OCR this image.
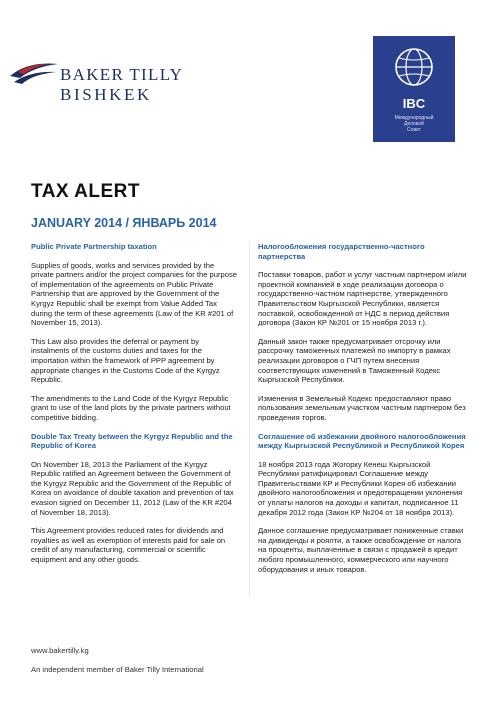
BAKER TILLY
BISHKEK	IBC
Международный
Деловой
Совет
TAX ALERT
JANUARY 2014 / ЯНВАРЬ 2014
Public Private Partnership taxation
Supplies of goods, works and services provided by the private partners and/or the project companies for the purpose of implementation of the agreements on Public Private Partnership that are approved by the Government of the Kyrgyz Republic shall be exempt from Value Added Tax during the term of these agreements (Law of the KR #201 of November 15, 2013).
This Law also provides the deferral or payment by instalments of the customs duties and taxes for the importation within the framework of PPP agreement by appropriate changes in the Customs Code of the Kyrgyz Republic.
The amendments to the Land Code of the Kyrgyz Republic grant to use of the land plots by the private partners without competitive bidding.
Double Tax Treaty between the Kyrgyz Republic and the Republic of Korea
On November 18, 2013 the Parliament of the Kyrgyz Republic ratified an Agreement between the Government of the Kyrgyz Republic and the Government of the Republic of Korea on avoidance of double taxation and prevention of tax evasion signed on December 11, 2012 (Law of the KR #204 of November 18, 2013).
This Agreement provides reduced rates for dividends and royalties as well as exemption of interests paid for sale on credit of any manufacturing, commercial or scientific equipment and any other goods.
Налогообложения государственно-частного партнерства
Поставки товаров, работ и услуг частным партнером и/или проектной компанией в ходе реализации договора о государственно-частном партнерстве, утвержденного Правительством Кыргызской Республики, является поставкой, освобожденной от НДС в период действия договора (Закон КР №201 от 15 ноября 2013 г.).
Данный закон также предусматривает отсрочку или рассрочку таможенных платежей по импорту в рамках реализации договоров о ГЧП путем внесения соответствующих изменений в Таможенный Кодекс Кыргызской Республики.
Изменения в Земельный Кодекс предоставляют право пользования земельным участком частным партнером без проведения торгов.
Соглашение об избежании двойного налогообложения между Кыргызской Республикой и Республикой Корея
18 ноября 2013 года Жогорку Кенеш Кыргызской Республики ратифицировал Соглашение между Правительствами КР и Республики Корея об избежании двойного налогообложения и предотвращении уклонения от уплаты налогов на доходы и капитал, подписанное 11 декабря 2012 года (Закон КР №204 от 18 ноября 2013).
Данное соглашение предусматривает пониженные ставки на дивиденды и роялти, а также освобождение от налога на проценты, выплаченные в связи с продажей в кредит любого промышленного, коммерческого или научного оборудования и иных товаров.
www.bakertilly.kg
An independent member of Baker Tilly International
